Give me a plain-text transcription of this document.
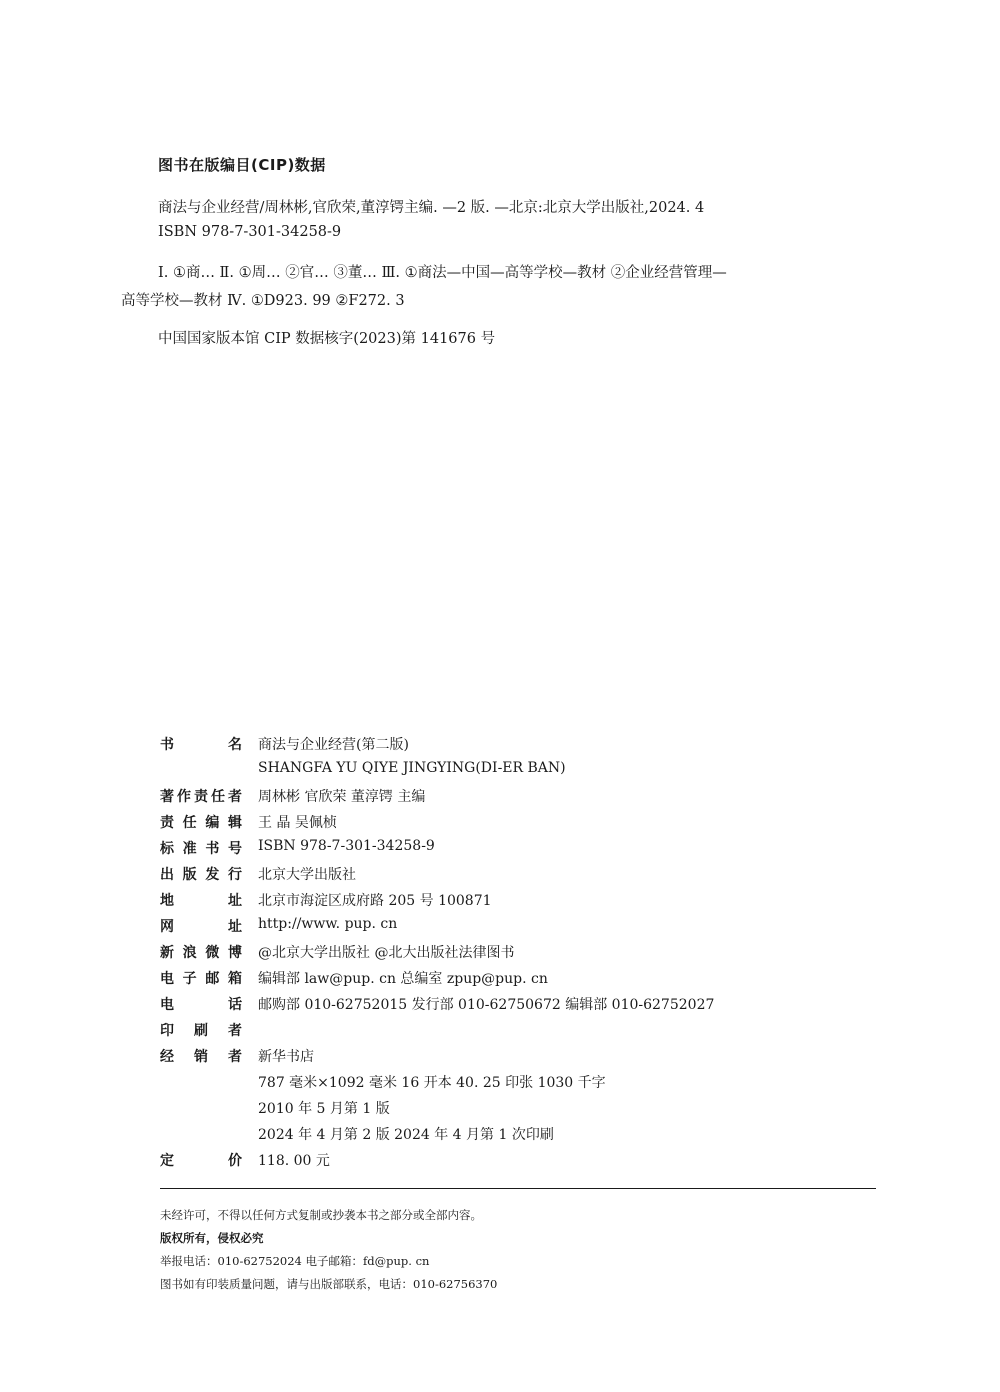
图书在版编目(CIP)数据
商法与企业经营/周林彬,官欣荣,董淳锷主编. —2 版. —北京:北京大学出版社,2024. 4
ISBN 978-7-301-34258-9
Ⅰ. ①商… Ⅱ. ①周… ②官… ③董… Ⅲ. ①商法—中国—高等学校—教材 ②企业经营管理—
高等学校—教材 Ⅳ. ①D923. 99 ②F272. 3
中国国家版本馆 CIP 数据核字(2023)第 141676 号
书名 商法与企业经营(第二版)
SHANGFA YU QIYE JINGYING(DI-ER BAN)
著作责任者 周林彬 官欣荣 董淳锷 主编
责任编辑 王 晶 吴佩桢
标准书号 ISBN 978-7-301-34258-9
出版发行 北京大学出版社
地址 北京市海淀区成府路 205 号 100871
网址 http://www. pup. cn
新浪微博 @北京大学出版社 @北大出版社法律图书
电子邮箱 编辑部 law@pup. cn 总编室 zpup@pup. cn
电话 邮购部 010-62752015 发行部 010-62750672 编辑部 010-62752027
印刷者
经销者 新华书店
787 毫米×1092 毫米 16 开本 40. 25 印张 1030 千字
2010 年 5 月第 1 版
2024 年 4 月第 2 版 2024 年 4 月第 1 次印刷
定价 118. 00 元
未经许可，不得以任何方式复制或抄袭本书之部分或全部内容。
版权所有，侵权必究
举报电话：010-62752024 电子邮箱：fd@pup. cn
图书如有印装质量问题，请与出版部联系，电话：010-62756370
